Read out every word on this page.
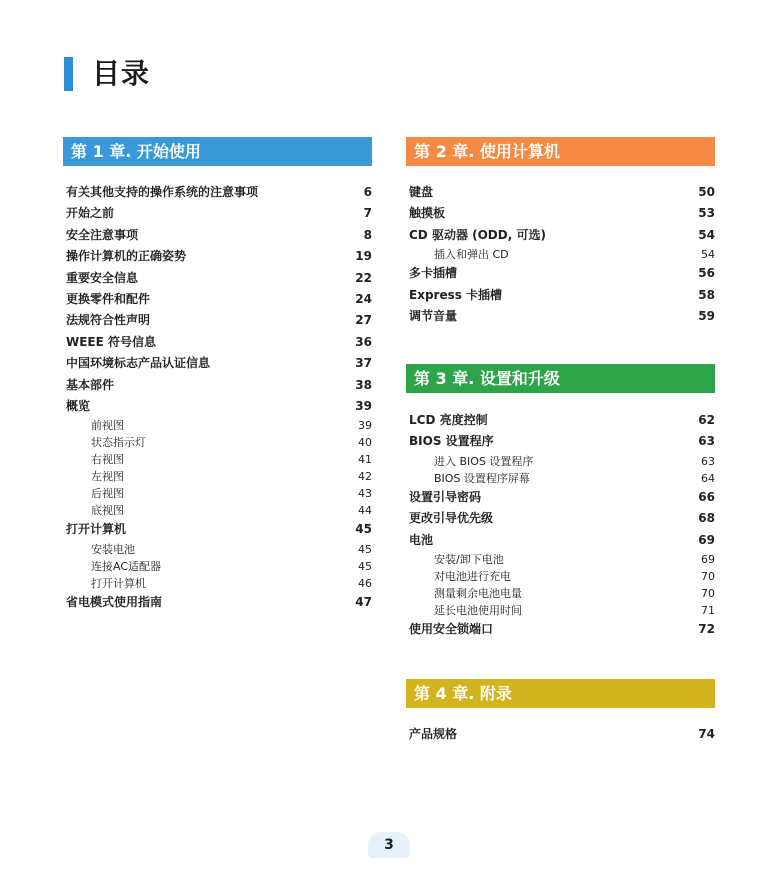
目录
第 1 章. 开始使用
有关其他支持的操作系统的注意事项	6
开始之前	7
安全注意事项	8
操作计算机的正确姿势	19
重要安全信息	22
更换零件和配件	24
法规符合性声明	27
WEEE 符号信息	36
中国环境标志产品认证信息	37
基本部件	38
概览	39
前视图	39
状态指示灯	40
右视图	41
左视图	42
后视图	43
底视图	44
打开计算机	45
安装电池	45
连接AC适配器	45
打开计算机	46
省电模式使用指南	47
第 2 章. 使用计算机
键盘	50
触摸板	53
CD 驱动器 (ODD, 可选)	54
插入和弹出 CD	54
多卡插槽	56
Express 卡插槽	58
调节音量	59
第 3 章. 设置和升级
LCD 亮度控制	62
BIOS 设置程序	63
进入 BIOS 设置程序	63
BIOS 设置程序屏幕	64
设置引导密码	66
更改引导优先级	68
电池	69
安装/卸下电池	69
对电池进行充电	70
测量剩余电池电量	70
延长电池使用时间	71
使用安全锁端口	72
第 4 章. 附录
产品规格	74
3
